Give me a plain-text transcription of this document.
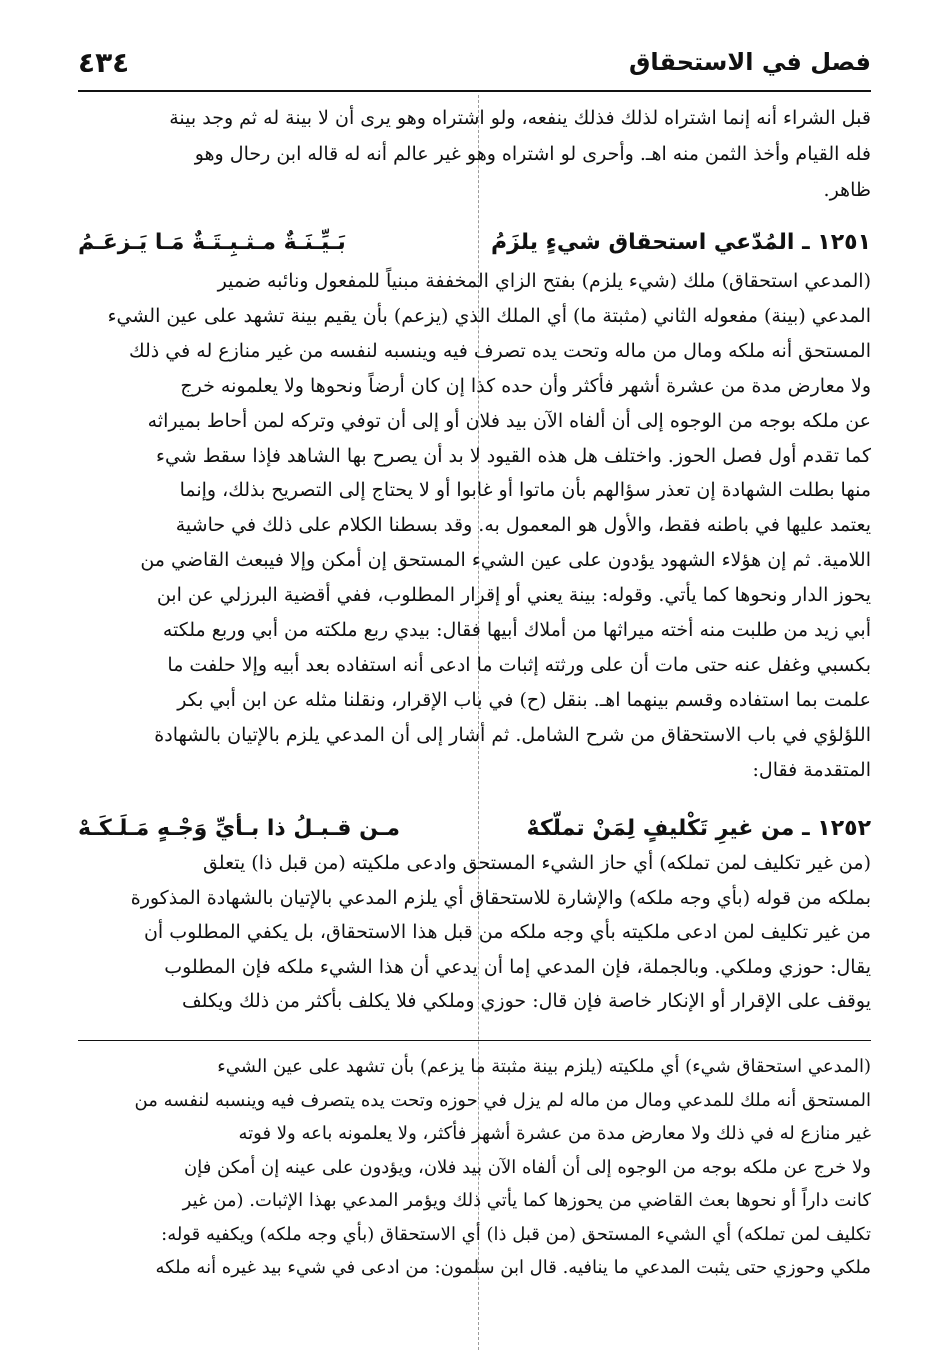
٤٣٤	فصل في الاستحقاق
قبل الشراء أنه إنما اشتراه لذلك فذلك ينفعه، ولو اشتراه وهو يرى أن لا بينة له ثم وجد بينة
فله القيام وأخذ الثمن منه اهـ. وأحرى لو اشتراه وهو غير عالم أنه له قاله ابن رحال وهو
ظاهر.
١٢٥١ ـ المُدّعي استحقاق شيءٍ يلزَمُ
بَـيِّـنَـةٌ مـثـبِـتَـةٌ مَـا يَـزعَـمُ
(المدعي استحقاق) ملك (شيء يلزم) بفتح الزاي المخففة مبنياً للمفعول ونائبه ضمير
المدعي (بينة) مفعوله الثاني (مثبتة ما) أي الملك الذي (يزعم) بأن يقيم بينة تشهد على عين الشيء
المستحق أنه ملكه ومال من ماله وتحت يده تصرف فيه وينسبه لنفسه من غير منازع له في ذلك
ولا معارض مدة من عشرة أشهر فأكثر وأن حده كذا إن كان أرضاً ونحوها ولا يعلمونه خرج
عن ملكه بوجه من الوجوه إلى أن ألفاه الآن بيد فلان أو إلى أن توفي وتركه لمن أحاط بميراثه
كما تقدم أول فصل الحوز. واختلف هل هذه القيود لا بد أن يصرح بها الشاهد فإذا سقط شيء
منها بطلت الشهادة إن تعذر سؤالهم بأن ماتوا أو غابوا أو لا يحتاج إلى التصريح بذلك، وإنما
يعتمد عليها في باطنه فقط، والأول هو المعمول به. وقد بسطنا الكلام على ذلك في حاشية
اللامية. ثم إن هؤلاء الشهود يؤدون على عين الشيء المستحق إن أمكن وإلا فيبعث القاضي من
يحوز الدار ونحوها كما يأتي. وقوله: بينة يعني أو إقرار المطلوب، ففي أقضية البرزلي عن ابن
أبي زيد من طلبت منه أخته ميراثها من أملاك أبيها فقال: بيدي ربع ملكته من أبي وربع ملكته
بكسبي وغفل عنه حتى مات أن على ورثته إثبات ما ادعى أنه استفاده بعد أبيه وإلا حلفت ما
علمت بما استفاده وقسم بينهما اهـ. بنقل (ح) في باب الإقرار، ونقلنا مثله عن ابن أبي بكر
اللؤلؤي في باب الاستحقاق من شرح الشامل. ثم أشار إلى أن المدعي يلزم بالإتيان بالشهادة
المتقدمة فقال:
١٢٥٢ ـ من غيرِ تَكْليفٍ لِمَنْ تملّكهْ
مـن قـبـلُ ذا بـأيِّ وَجْـهٍ مَـلَـكَـهْ
(من غير تكليف لمن تملكه) أي حاز الشيء المستحق وادعى ملكيته (من قبل ذا) يتعلق
بملكه من قوله (بأي وجه ملكه) والإشارة للاستحقاق أي يلزم المدعي بالإتيان بالشهادة المذكورة
من غير تكليف لمن ادعى ملكيته بأي وجه ملكه من قبل هذا الاستحقاق، بل يكفي المطلوب أن
يقال: حوزي وملكي. وبالجملة، فإن المدعي إما أن يدعي أن هذا الشيء ملكه فإن المطلوب
يوقف على الإقرار أو الإنكار خاصة فإن قال: حوزي وملكي فلا يكلف بأكثر من ذلك ويكلف
(المدعي استحقاق شيء) أي ملكيته (يلزم بينة مثبتة ما يزعم) بأن تشهد على عين الشيء
المستحق أنه ملك للمدعي ومال من ماله لم يزل في حوزه وتحت يده يتصرف فيه وينسبه لنفسه من
غير منازع له في ذلك ولا معارض مدة من عشرة أشهر فأكثر، ولا يعلمونه باعه ولا فوته
ولا خرج عن ملكه بوجه من الوجوه إلى أن ألفاه الآن بيد فلان، ويؤدون على عينه إن أمكن فإن
كانت داراً أو نحوها بعث القاضي من يحوزها كما يأتي ذلك ويؤمر المدعي بهذا الإثبات. (من غير
تكليف لمن تملكه) أي الشيء المستحق (من قبل ذا) أي الاستحقاق (بأي وجه ملكه) ويكفيه قوله:
ملكي وحوزي حتى يثبت المدعي ما ينافيه. قال ابن سلمون: من ادعى في شيء بيد غيره أنه ملكه
